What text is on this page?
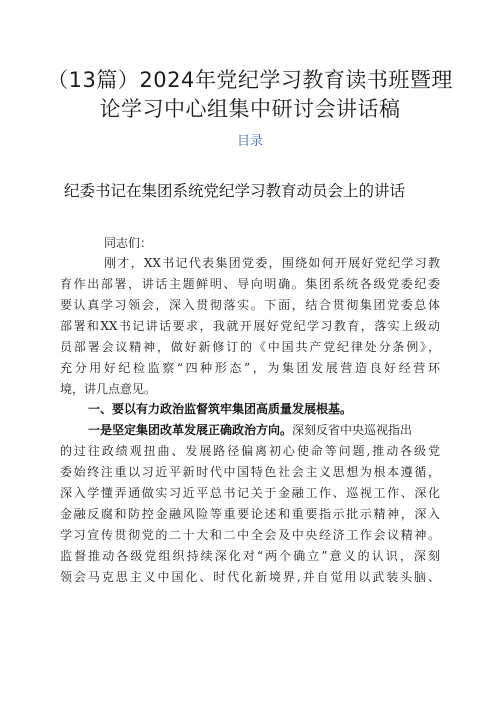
（13篇）2024年党纪学习教育读书班暨理
论学习中心组集中研讨会讲话稿
目录
纪委书记在集团系统党纪学习教育动员会上的讲话
同志们：
刚才，XX书记代表集团党委，围绕如何开展好党纪学习教
育作出部署，讲话主题鲜明、导向明确。集团系统各级党委纪委
要认真学习领会，深入贯彻落实。下面，结合贯彻集团党委总体
部署和XX书记讲话要求，我就开展好党纪学习教育，落实上级动
员部署会议精神，做好新修订的《中国共产党纪律处分条例》，
充分用好纪检监察“四种形态”，为集团发展营造良好经营环
境，讲几点意见。
一、要以有力政治监督筑牢集团高质量发展根基。
一是坚定集团改革发展正确政治方向。深刻反省中央巡视指出
的过往政绩观扭曲、发展路径偏离初心使命等问题,推动各级党
委始终注重以习近平新时代中国特色社会主义思想为根本遵循，
深入学懂弄通做实习近平总书记关于金融工作、巡视工作、深化
金融反腐和防控金融风险等重要论述和重要指示批示精神，深入
学习宣传贯彻党的二十大和二中全会及中央经济工作会议精神。
监督推动各级党组织持续深化对“两个确立”意义的认识，深刻
领会马克思主义中国化、时代化新境界,并自觉用以武装头脑、
